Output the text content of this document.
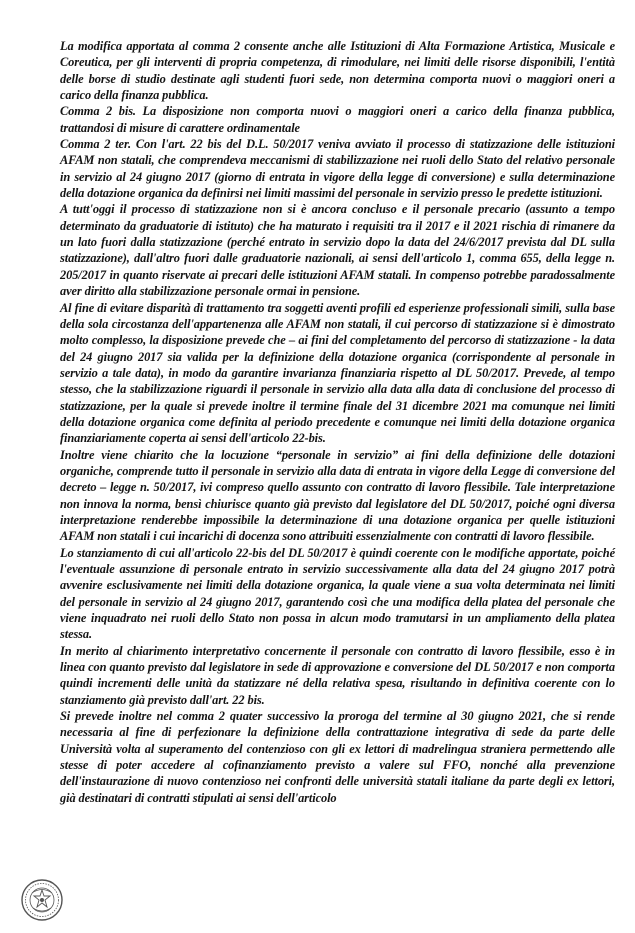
La modifica apportata al comma 2 consente anche alle Istituzioni di Alta Formazione Artistica, Musicale e Coreutica, per gli interventi di propria competenza, di rimodulare, nei limiti delle risorse disponibili, l'entità delle borse di studio destinate agli studenti fuori sede, non determina comporta nuovi o maggiori oneri a carico della finanza pubblica.

Comma 2 bis. La disposizione non comporta nuovi o maggiori oneri a carico della finanza pubblica, trattandosi di misure di carattere ordinamentale

Comma 2 ter. Con l'art. 22 bis del D.L. 50/2017 veniva avviato il processo di statizzazione delle istituzioni AFAM non statali, che comprendeva meccanismi di stabilizzazione nei ruoli dello Stato del relativo personale in servizio al 24 giugno 2017 (giorno di entrata in vigore della legge di conversione) e sulla determinazione della dotazione organica da definirsi nei limiti massimi del personale in servizio presso le predette istituzioni.

A tutt'oggi il processo di statizzazione non si è ancora concluso e il personale precario (assunto a tempo determinato da graduatorie di istituto) che ha maturato i requisiti tra il 2017 e il 2021 rischia di rimanere da un lato fuori dalla statizzazione (perché entrato in servizio dopo la data del 24/6/2017 prevista dal DL sulla statizzazione), dall'altro fuori dalle graduatorie nazionali, ai sensi dell'articolo 1, comma 655, della legge n. 205/2017 in quanto riservate ai precari delle istituzioni AFAM statali. In compenso potrebbe paradossalmente aver diritto alla stabilizzazione personale ormai in pensione.

Al fine di evitare disparità di trattamento tra soggetti aventi profili ed esperienze professionali simili, sulla base della sola circostanza dell'appartenenza alle AFAM non statali, il cui percorso di statizzazione si è dimostrato molto complesso, la disposizione prevede che – ai fini del completamento del percorso di statizzazione - la data del 24 giugno 2017 sia valida per la definizione della dotazione organica (corrispondente al personale in servizio a tale data), in modo da garantire invarianza finanziaria rispetto al DL 50/2017. Prevede, al tempo stesso, che la stabilizzazione riguardi il personale in servizio alla data alla data di conclusione del processo di statizzazione, per la quale si prevede inoltre il termine finale del 31 dicembre 2021 ma comunque nei limiti della dotazione organica come definita al periodo precedente e comunque nei limiti della dotazione organica finanziariamente coperta ai sensi dell'articolo 22-bis.

Inoltre viene chiarito che la locuzione “personale in servizio” ai fini della definizione delle dotazioni organiche, comprende tutto il personale in servizio alla data di entrata in vigore della Legge di conversione del decreto – legge n. 50/2017, ivi compreso quello assunto con contratto di lavoro flessibile. Tale interpretazione non innova la norma, bensì chiurisce quanto già previsto dal legislatore del DL 50/2017, poiché ogni diversa interpretazione renderebbe impossibile la determinazione di una dotazione organica per quelle istituzioni AFAM non statali i cui incarichi di docenza sono attribuiti essenzialmente con contratti di lavoro flessibile.

Lo stanziamento di cui all'articolo 22-bis del DL 50/2017 è quindi coerente con le modifiche apportate, poiché l'eventuale assunzione di personale entrato in servizio successivamente alla data del 24 giugno 2017 potrà avvenire esclusivamente nei limiti della dotazione organica, la quale viene a sua volta determinata nei limiti del personale in servizio al 24 giugno 2017, garantendo così che una modifica della platea del personale che viene inquadrato nei ruoli dello Stato non possa in alcun modo tramutarsi in un ampliamento della platea stessa.

In merito al chiarimento interpretativo concernente il personale con contratto di lavoro flessibile, esso è in linea con quanto previsto dal legislatore in sede di approvazione e conversione del DL 50/2017 e non comporta quindi incrementi delle unità da statizzare né della relativa spesa, risultando in definitiva coerente con lo stanziamento già previsto dall'art. 22 bis.

Si prevede inoltre nel comma 2 quater successivo la proroga del termine al 30 giugno 2021, che si rende necessaria al fine di perfezionare la definizione della contrattazione integrativa di sede da parte delle Università volta al superamento del contenzioso con gli ex lettori di madrelingua straniera permettendo alle stesse di poter accedere al cofinanziamento previsto a valere sul FFO, nonché alla prevenzione dell'instaurazione di nuovo contenzioso nei confronti delle università statali italiane da parte degli ex lettori, già destinatari di contratti stipulati ai sensi dell'articolo
